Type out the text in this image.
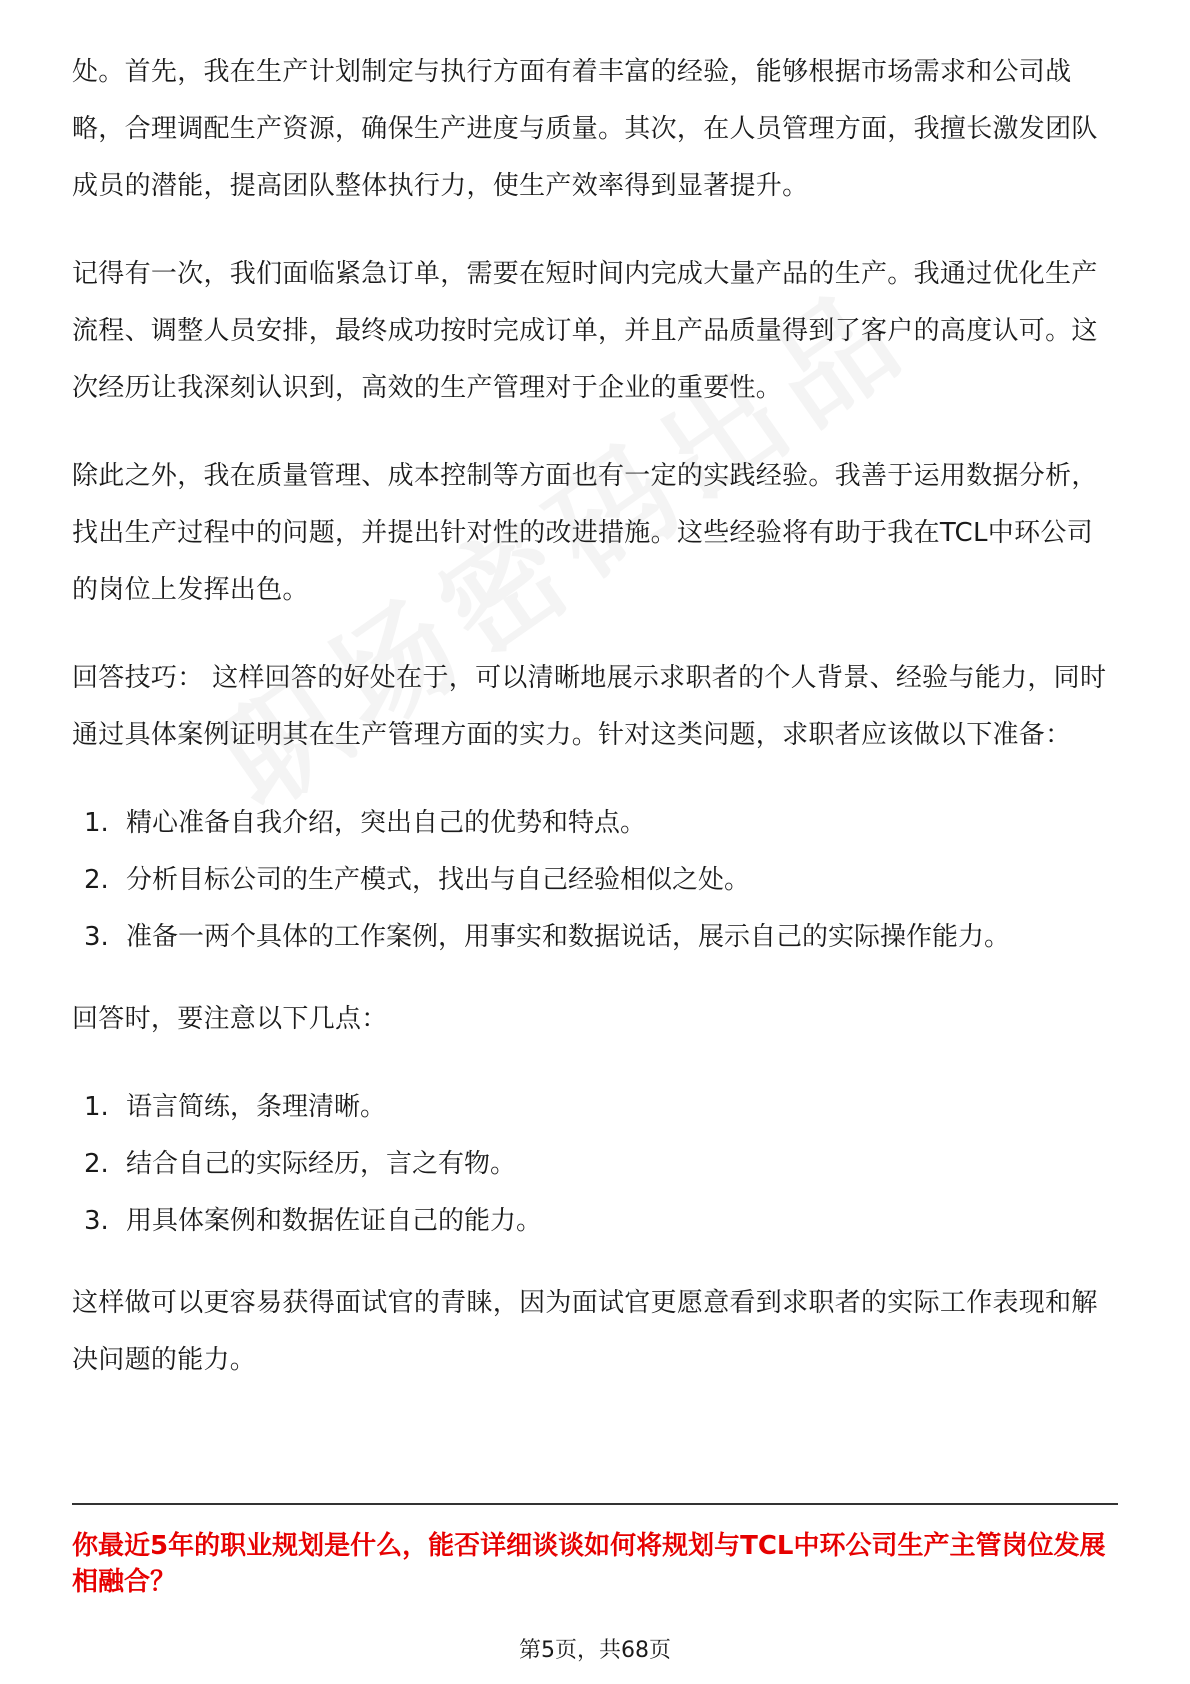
处。首先，我在生产计划制定与执行方面有着丰富的经验，能够根据市场需求和公司战略，合理调配生产资源，确保生产进度与质量。其次，在人员管理方面，我擅长激发团队成员的潜能，提高团队整体执行力，使生产效率得到显著提升。

记得有一次，我们面临紧急订单，需要在短时间内完成大量产品的生产。我通过优化生产流程、调整人员安排，最终成功按时完成订单，并且产品质量得到了客户的高度认可。这次经历让我深刻认识到，高效的生产管理对于企业的重要性。

除此之外，我在质量管理、成本控制等方面也有一定的实践经验。我善于运用数据分析，找出生产过程中的问题，并提出针对性的改进措施。这些经验将有助于我在TCL中环公司的岗位上发挥出色。

回答技巧： 这样回答的好处在于，可以清晰地展示求职者的个人背景、经验与能力，同时通过具体案例证明其在生产管理方面的实力。针对这类问题，求职者应该做以下准备：

1. 精心准备自我介绍，突出自己的优势和特点。
2. 分析目标公司的生产模式，找出与自己经验相似之处。
3. 准备一两个具体的工作案例，用事实和数据说话，展示自己的实际操作能力。

回答时，要注意以下几点：

1. 语言简练，条理清晰。
2. 结合自己的实际经历，言之有物。
3. 用具体案例和数据佐证自己的能力。

这样做可以更容易获得面试官的青睐，因为面试官更愿意看到求职者的实际工作表现和解决问题的能力。

你最近5年的职业规划是什么，能否详细谈谈如何将规划与TCL中环公司生产主管岗位发展相融合？
第5页，共68页
